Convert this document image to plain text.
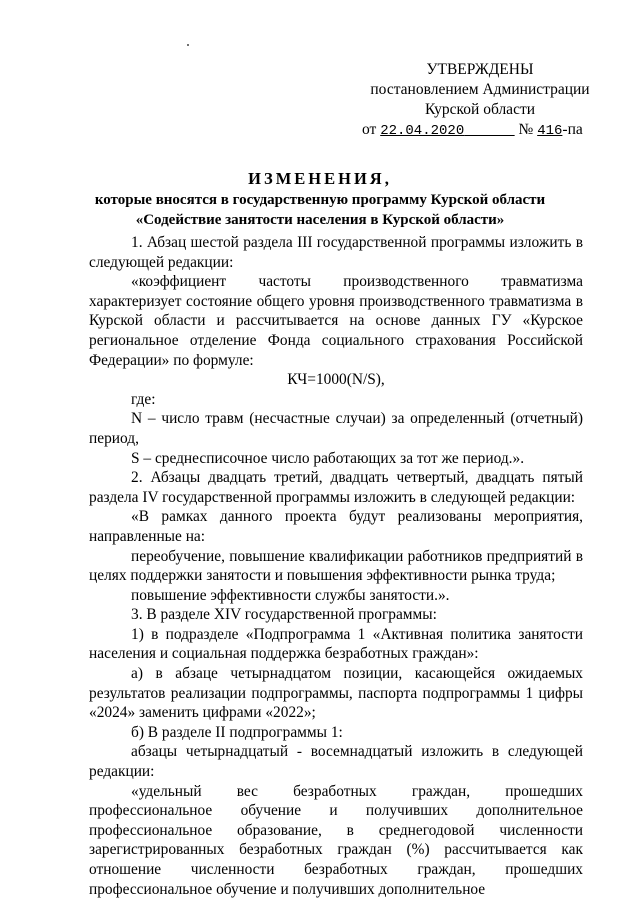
УТВЕРЖДЕНЫ
постановлением Администрации
Курской области
от 22.04.2020	№ 416-па
ИЗМЕНЕНИЯ,
которые вносятся в государственную программу Курской области
«Содействие занятости населения в Курской области»

1. Абзац шестой раздела III государственной программы изложить в следующей редакции:

«коэффициент частоты производственного травматизма характеризует состояние общего уровня производственного травматизма в Курской области и рассчитывается на основе данных ГУ «Курское региональное отделение Фонда социального страхования Российской Федерации» по формуле:

КЧ=1000(N/S),

где:

N – число травм (несчастные случаи) за определенный (отчетный) период,

S – среднесписочное число работающих за тот же период.».

2. Абзацы двадцать третий, двадцать четвертый, двадцать пятый раздела IV государственной программы изложить в следующей редакции:

«В рамках данного проекта будут реализованы мероприятия, направленные на:

переобучение, повышение квалификации работников предприятий в целях поддержки занятости и повышения эффективности рынка труда;

повышение эффективности службы занятости.».

3. В разделе XIV государственной программы:

1) в подразделе «Подпрограмма 1 «Активная политика занятости населения и социальная поддержка безработных граждан»:

а) в абзаце четырнадцатом позиции, касающейся ожидаемых результатов реализации подпрограммы, паспорта подпрограммы 1 цифры «2024» заменить цифрами «2022»;

б) В разделе II подпрограммы 1:

абзацы четырнадцатый - восемнадцатый изложить в следующей редакции:

«удельный вес безработных граждан, прошедших профессиональное обучение и получивших дополнительное профессиональное образование, в среднегодовой численности зарегистрированных безработных граждан (%) рассчитывается как отношение численности безработных граждан, прошедших профессиональное обучение и получивших дополнительное
